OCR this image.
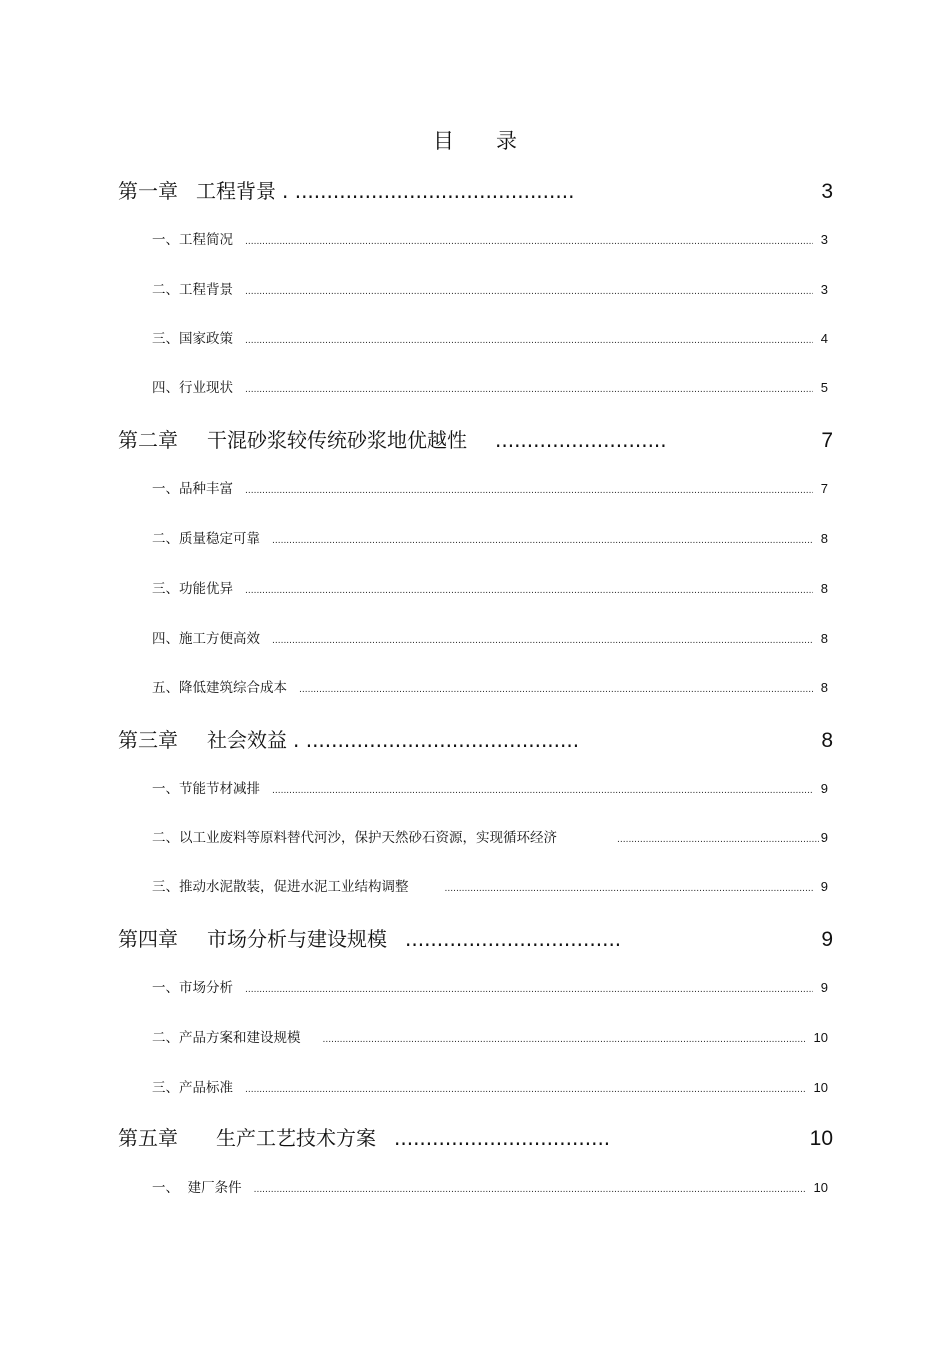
目　　录
第一章 工程背景 . ............................................	3
一、工程简况 .....	3
二、工程背景 .....	3
三、国家政策 .....	4
四、行业现状 .....	5
第二章 干混砂浆较传统砂浆地优越性 ...........................	7
一、品种丰富 .....	7
二、质量稳定可靠 .....	8
三、功能优异 .....	8
四、施工方便高效 .....	8
五、降低建筑综合成本 .....	8
第三章 社会效益 . ...........................................	8
一、节能节材减排 .....	9
二、以工业废料等原料替代河沙，保护天然砂石资源，实现循环经济 .....	9
三、推动水泥散装，促进水泥工业结构调整 .....	9
第四章 市场分析与建设规模 ..................................	9
一、市场分析 .....	9
二、产品方案和建设规模 .....	10
三、产品标准 .....	10
第五章 生产工艺技术方案 ..................................	10
一、  建厂条件 .....	10
